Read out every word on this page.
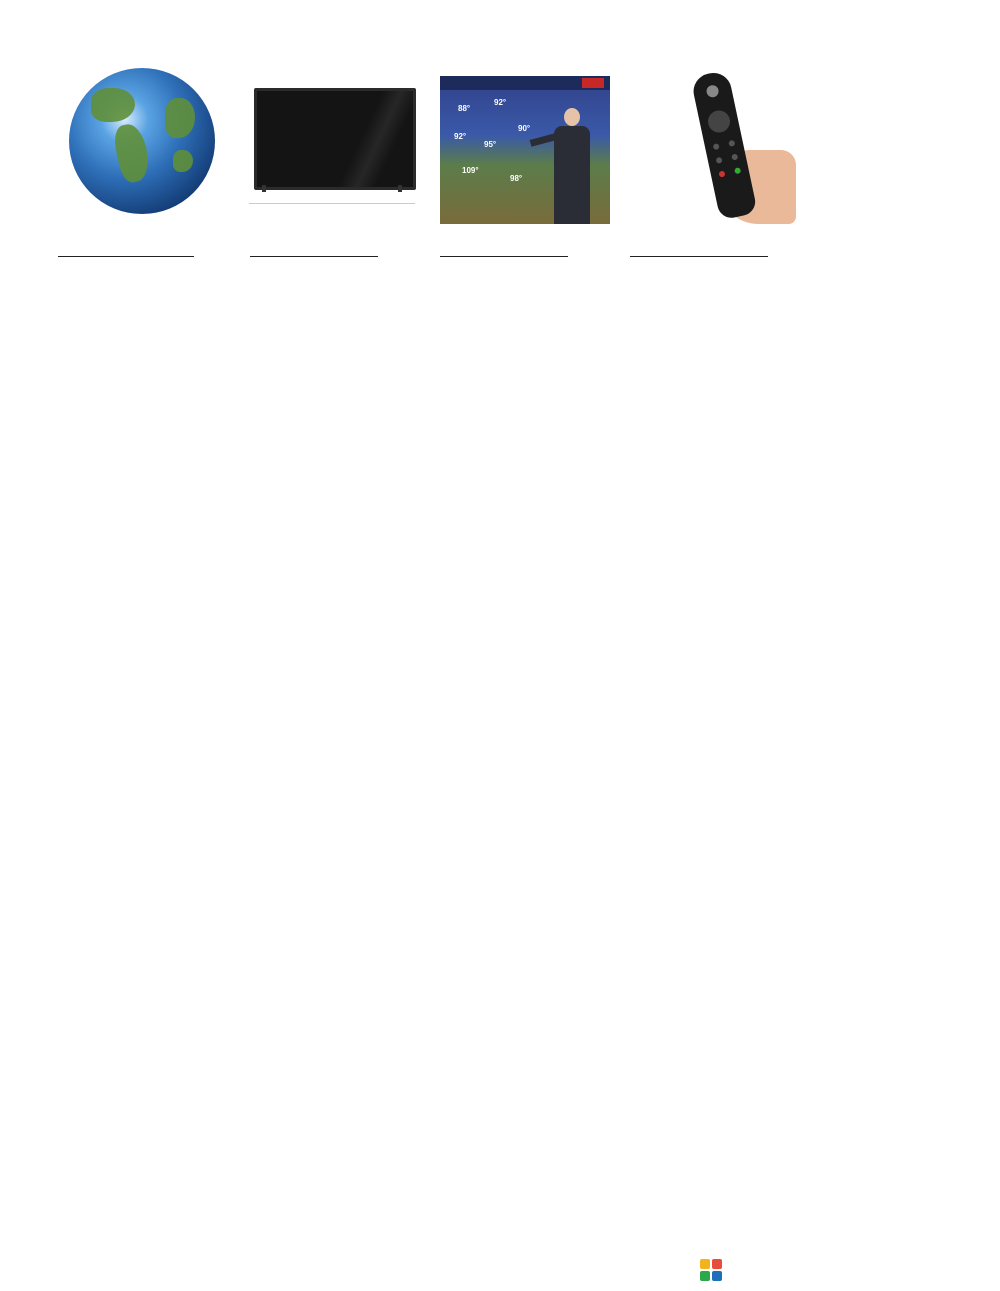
88°
92°
92°
95°
90°
109°
98°
